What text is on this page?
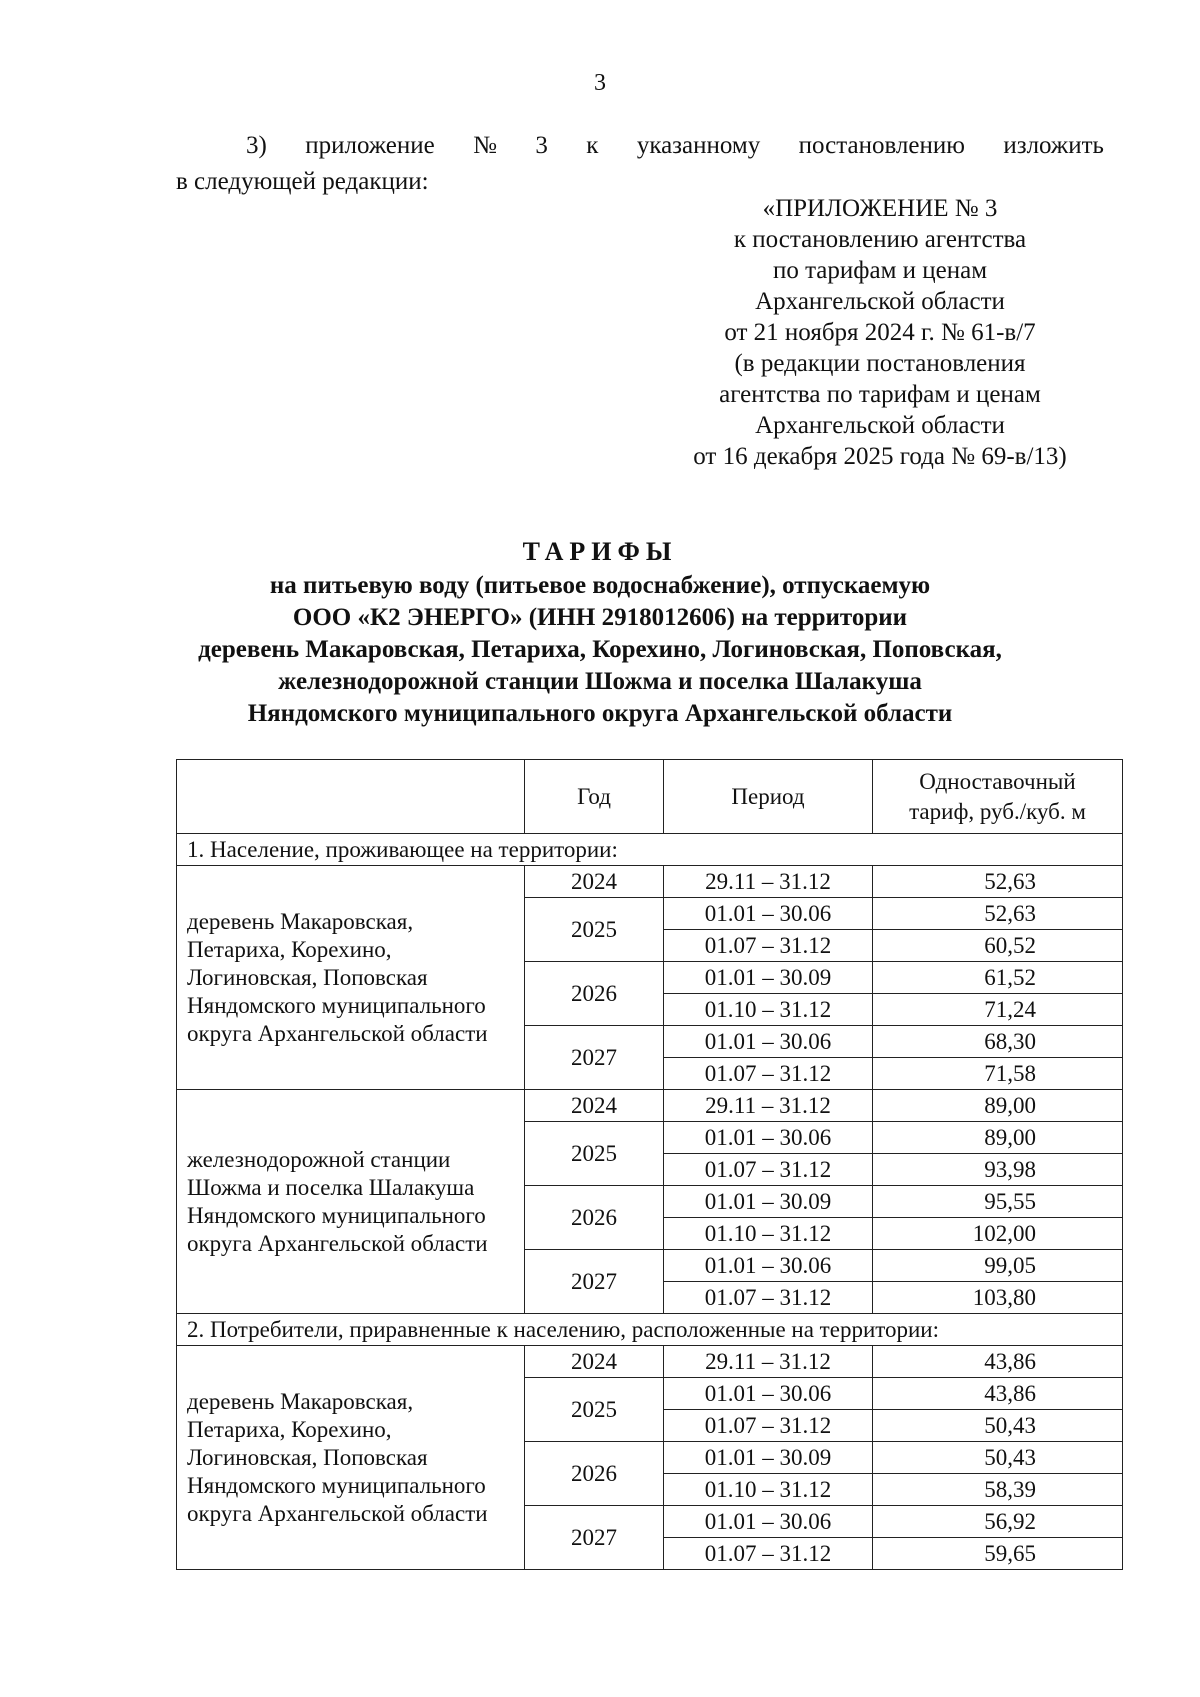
3
3) приложение № 3 к указанному постановлению изложить
в следующей редакции:
«ПРИЛОЖЕНИЕ № 3
к постановлению агентства
по тарифам и ценам
Архангельской области
от 21 ноября 2024 г. № 61-в/7
(в редакции постановления
агентства по тарифам и ценам
Архангельской области
от 16 декабря 2025 года № 69-в/13)
ТАРИФЫ
на питьевую воду (питьевое водоснабжение), отпускаемую
ООО «К2 ЭНЕРГО» (ИНН 2918012606) на территории
деревень Макаровская, Петариха, Корехино, Логиновская, Поповская,
железнодорожной станции Шожма и поселка Шалакуша
Няндомского муниципального округа Архангельской области
	Год	Период	Одноставочный
тариф, руб./куб. м

1. Население, проживающее на территории:			

деревень Макаровская,
Петариха, Корехино,
Логиновская, Поповская
Няндомского муниципального
округа Архангельской области	2024	29.11 – 31.12	52,63
	2025	01.01 – 30.06	52,63
		01.07 – 31.12	60,52
	2026	01.01 – 30.09	61,52
		01.10 – 31.12	71,24
	2027	01.01 – 30.06	68,30
		01.07 – 31.12	71,58

железнодорожной станции
Шожма и поселка Шалакуша
Няндомского муниципального
округа Архангельской области	2024	29.11 – 31.12	89,00
	2025	01.01 – 30.06	89,00
		01.07 – 31.12	93,98
	2026	01.01 – 30.09	95,55
		01.10 – 31.12	102,00
	2027	01.01 – 30.06	99,05
		01.07 – 31.12	103,80
2. Потребители, приравненные к населению, расположенные на территории:			

деревень Макаровская,
Петариха, Корехино,
Логиновская, Поповская
Няндомского муниципального
округа Архангельской области	2024	29.11 – 31.12	43,86
	2025	01.01 – 30.06	43,86
		01.07 – 31.12	50,43
	2026	01.01 – 30.09	50,43
		01.10 – 31.12	58,39
	2027	01.01 – 30.06	56,92
		01.07 – 31.12	59,65
